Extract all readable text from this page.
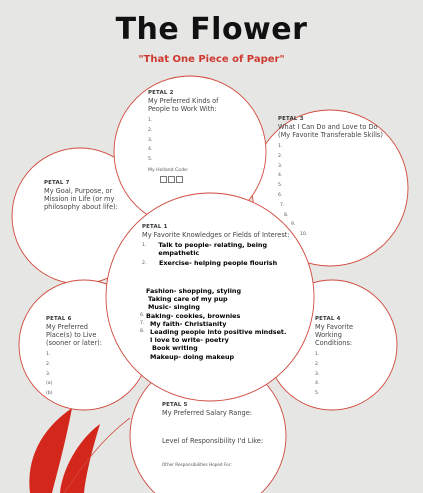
The Flower
"That One Piece of Paper"
PETAL 2
My Preferred Kinds of
People to Work With:
1.
2.
3.
4.
5.
My Holland Code:
PETAL 3
What I Can Do and Love to Do
(My Favorite Transferable Skills)
1.
2.
3.
4.
5.
6.
7.
8.
9.
10.
PETAL 7
My Goal, Purpose, or
Mission in Life (or my
philosophy about life):
PETAL 1
My Favorite Knowledges or Fields of Interest:
1.	Talk to people- relating, being empathetic
2.	Exercise- helping people flourish
Fashion- shopping, styling
Taking care of my pup
Music- singing
6. Baking- cookies, brownies
7. My faith- Christianity
8. Leading people into positive mindset.
I love to write- poetry
Book writing
Makeup- doing makeup
PETAL 6
My Preferred
Place(s) to Live
(sooner or later):
1.
2.
3.
(a)
(b)
PETAL 4
My Favorite
Working
Conditions:
1.
2.
3.
4.
5.
PETAL 5
My Preferred Salary Range:
Level of Responsibility I'd Like:
Other Responsibilities Hoped For:
